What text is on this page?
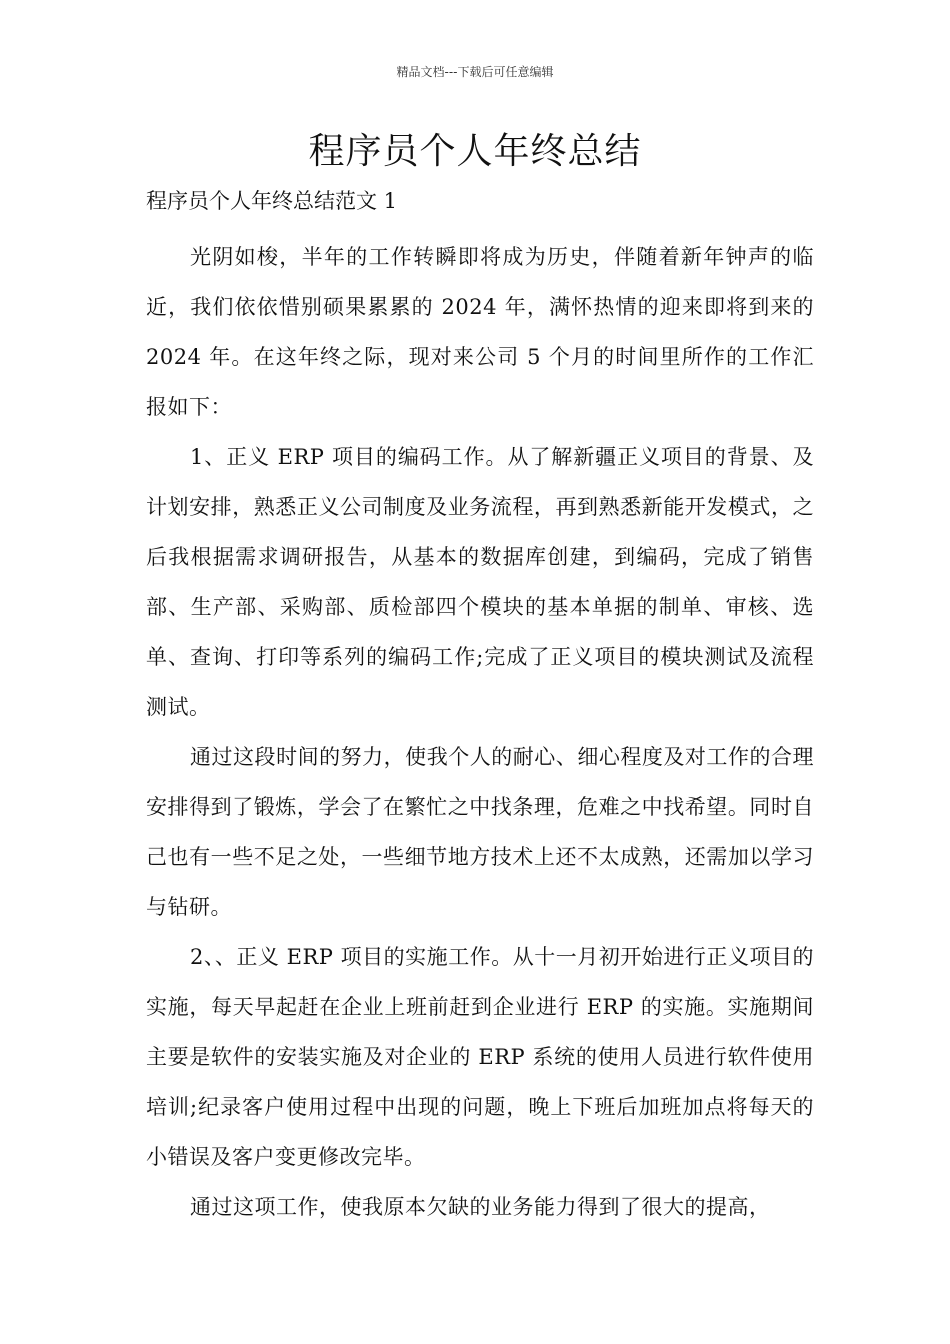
精品文档---下载后可任意编辑
程序员个人年终总结
程序员个人年终总结范文 1

光阴如梭，半年的工作转瞬即将成为历史，伴随着新年钟声的临近，我们依依惜别硕果累累的 2024 年，满怀热情的迎来即将到来的 2024 年。在这年终之际，现对来公司 5 个月的时间里所作的工作汇报如下：

1、正义 ERP 项目的编码工作。从了解新疆正义项目的背景、及计划安排，熟悉正义公司制度及业务流程，再到熟悉新能开发模式，之后我根据需求调研报告，从基本的数据库创建，到编码，完成了销售部、生产部、采购部、质检部四个模块的基本单据的制单、审核、选单、查询、打印等系列的编码工作;完成了正义项目的模块测试及流程测试。

通过这段时间的努力，使我个人的耐心、细心程度及对工作的合理安排得到了锻炼，学会了在繁忙之中找条理，危难之中找希望。同时自己也有一些不足之处，一些细节地方技术上还不太成熟，还需加以学习与钻研。

2、、正义 ERP 项目的实施工作。从十一月初开始进行正义项目的实施，每天早起赶在企业上班前赶到企业进行 ERP 的实施。实施期间主要是软件的安装实施及对企业的 ERP 系统的使用人员进行软件使用培训;纪录客户使用过程中出现的问题，晚上下班后加班加点将每天的小错误及客户变更修改完毕。

通过这项工作，使我原本欠缺的业务能力得到了很大的提高，
